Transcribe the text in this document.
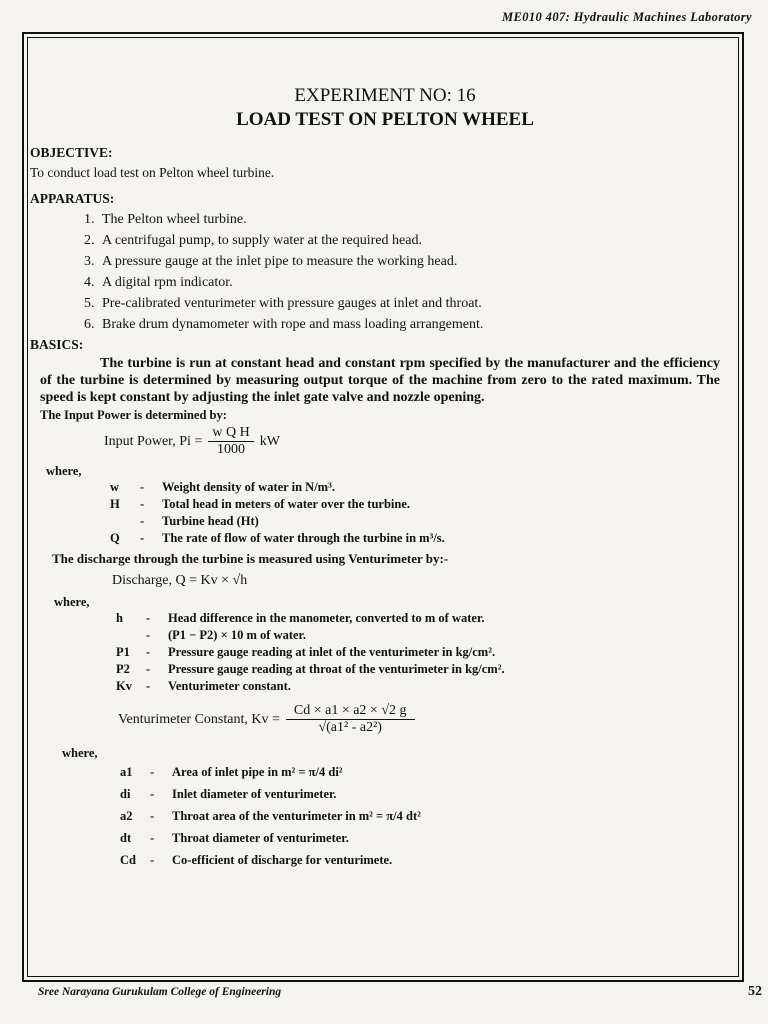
ME010 407: Hydraulic Machines Laboratory
EXPERIMENT NO: 16
LOAD TEST ON PELTON WHEEL
OBJECTIVE:
To conduct load test on Pelton wheel turbine.
APPARATUS:
1. The Pelton wheel turbine.
2. A centrifugal pump, to supply water at the required head.
3. A pressure gauge at the inlet pipe to measure the working head.
4. A digital rpm indicator.
5. Pre-calibrated venturimeter with pressure gauges at inlet and throat.
6. Brake drum dynamometer with rope and mass loading arrangement.
BASICS:
The turbine is run at constant head and constant rpm specified by the manufacturer and the efficiency of the turbine is determined by measuring output torque of the machine from zero to the rated maximum. The speed is kept constant by adjusting the inlet gate valve and nozzle opening.
The Input Power is determined by:
Input Power, $Pi = \frac{\text{w Q H}}{1000}$ kW
where,
w	-	Weight density of water in N/m³.
H	-	Total head in meters of water over the turbine.
	-	Turbine head (Ht)
Q	-	The rate of flow of water through the turbine in m³/s.
The discharge through the turbine is measured using Venturimeter by:-
Discharge, Q = Kv × √h
where,
h	-	Head difference in the manometer, converted to m of water.
	-	(P1 − P2) × 10 m of water.
P1	-	Pressure gauge reading at inlet of the venturimeter in kg/cm².
P2	-	Pressure gauge reading at throat of the venturimeter in kg/cm².
Kv	-	Venturimeter constant.
Venturimeter Constant, $Kv = \frac{Cd \times a1 \times a2 \times √2 g}{\text{√(a1² - a2²)}}$
where,
a1	-	Area of inlet pipe in m² = π/4 di²
di	-	Inlet diameter of venturimeter.
a2	-	Throat area of the venturimeter in m² = π/4 dt²
dt	-	Throat diameter of venturimeter.
Cd	-	Co-efficient of discharge for venturimete.
Sree Narayana Gurukulam College of Engineering	52
